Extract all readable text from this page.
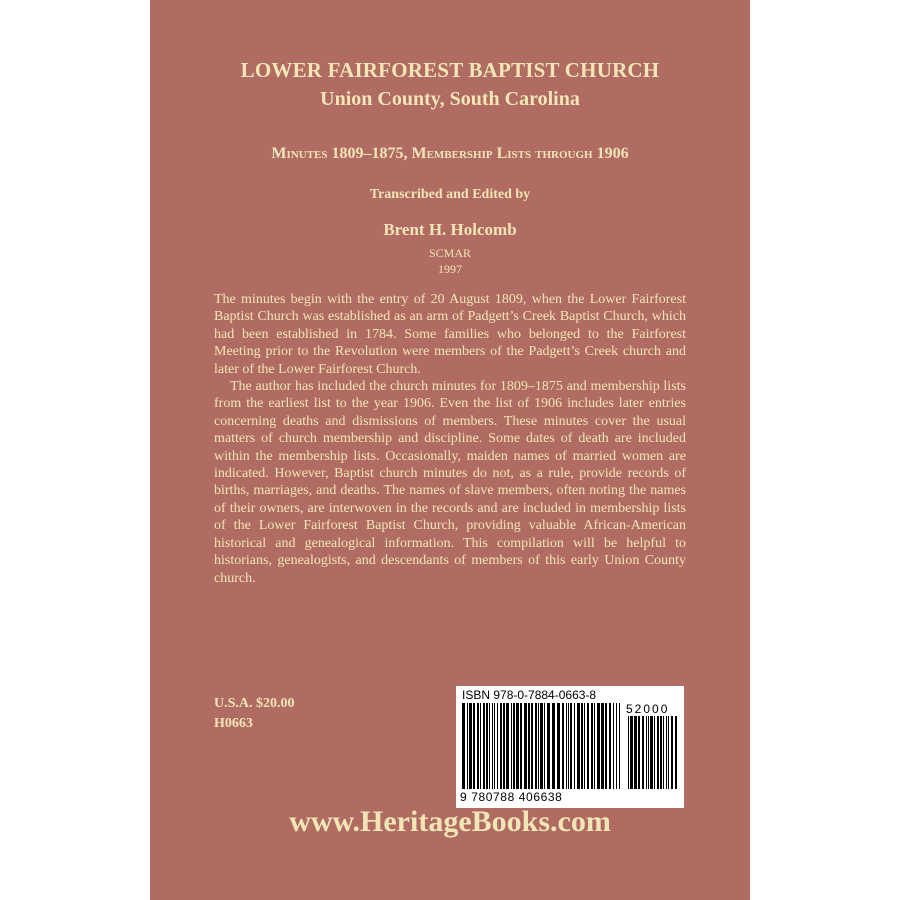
LOWER FAIRFOREST BAPTIST CHURCH
Union County, South Carolina
Minutes 1809–1875, Membership Lists through 1906
Transcribed and Edited by
Brent H. Holcomb
SCMAR
1997

The minutes begin with the entry of 20 August 1809, when the Lower Fairforest Baptist Church was established as an arm of Padgett’s Creek Baptist Church, which had been established in 1784. Some families who belonged to the Fairforest Meeting prior to the Revolution were members of the Padgett’s Creek church and later of the Lower Fairforest Church.

The author has included the church minutes for 1809–1875 and membership lists from the earliest list to the year 1906. Even the list of 1906 includes later entries concerning deaths and dismissions of members. These minutes cover the usual matters of church membership and discipline. Some dates of death are included within the membership lists. Occasionally, maiden names of married women are indicated. However, Baptist church minutes do not, as a rule, provide records of births, marriages, and deaths. The names of slave members, often noting the names of their owners, are interwoven in the records and are included in membership lists of the Lower Fairforest Baptist Church, providing valuable African-American historical and genealogical information. This compilation will be helpful to historians, genealogists, and descendants of members of this early Union County church.

U.S.A. $20.00
H0663
ISBN 978-0-7884-0663-8
52000
9 780788 406638
www.HeritageBooks.com
